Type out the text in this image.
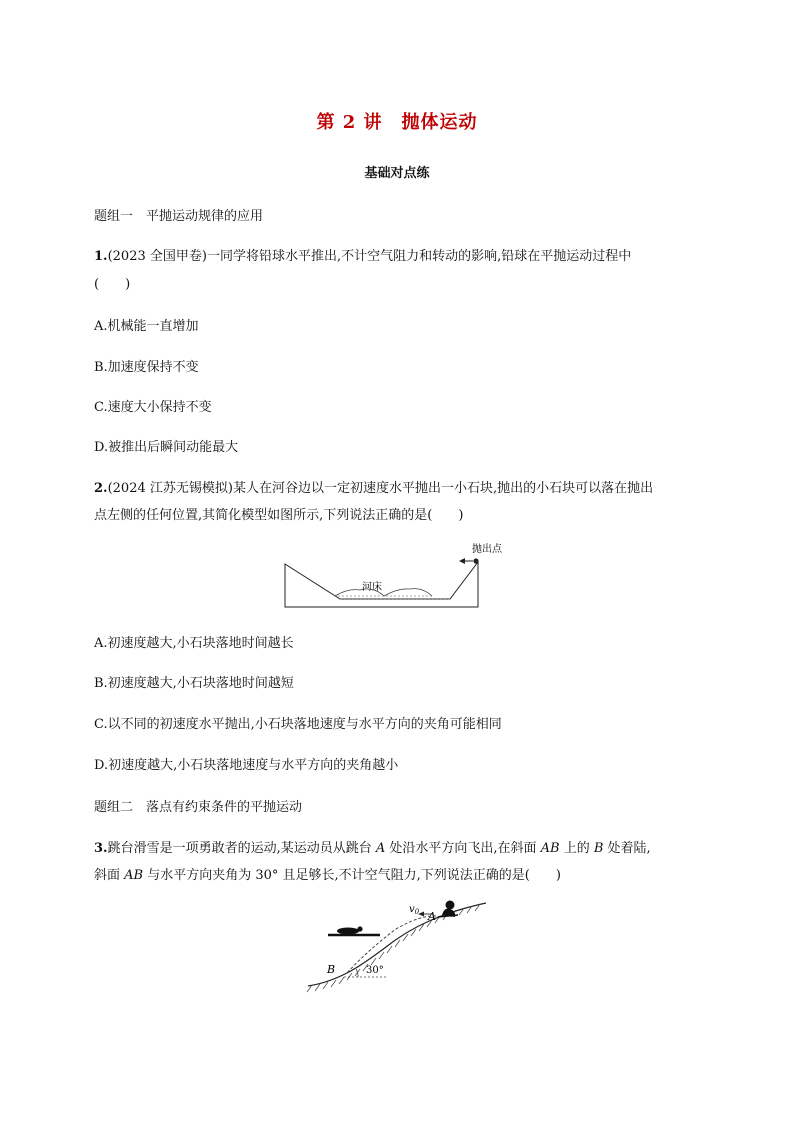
第 2 讲　抛体运动
基础对点练
题组一　平抛运动规律的应用
1.(2023 全国甲卷)一同学将铅球水平推出,不计空气阻力和转动的影响,铅球在平抛运动过程中
(　　)
A.机械能一直增加
B.加速度保持不变
C.速度大小保持不变
D.被推出后瞬间动能最大
2.(2024 江苏无锡模拟)某人在河谷边以一定初速度水平抛出一小石块,抛出的小石块可以落在抛出
点左侧的任何位置,其简化模型如图所示,下列说法正确的是(　　)
河床
抛出点
A.初速度越大,小石块落地时间越长
B.初速度越大,小石块落地时间越短
C.以不同的初速度水平抛出,小石块落地速度与水平方向的夹角可能相同
D.初速度越大,小石块落地速度与水平方向的夹角越小
题组二　落点有约束条件的平抛运动
3.跳台滑雪是一项勇敢者的运动,某运动员从跳台 A 处沿水平方向飞出,在斜面 AB 上的 B 处着陆,
斜面 AB 与水平方向夹角为 30° 且足够长,不计空气阻力,下列说法正确的是(　　)
$v_0$ A
B	30°
